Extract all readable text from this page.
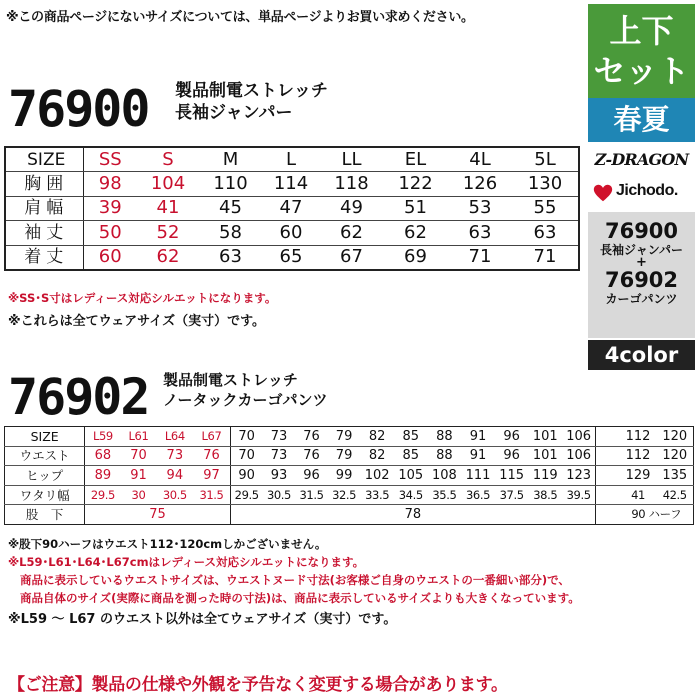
※この商品ページにないサイズについては、単品ページよりお買い求めください。
76900 製品制電ストレッチ
長袖ジャンパー
SIZE	SS	S	M	L	LL	EL	4L	5L
胸囲	98	104	110	114	118	122	126	130
肩幅	39	41	45	47	49	51	53	55
袖丈	50	52	58	60	62	62	63	63
着丈	60	62	63	65	67	69	71	71
※SS･S寸はレディース対応シルエットになります。
※これらは全てウェアサイズ（実寸）です。
76902 製品制電ストレッチ
ノータックカーゴパンツ
SIZE	L59	L61	L64	L67	70	73	76	79	82	85	88	91	96	101	106		112	120
ウエスト	68	70	73	76	70	73	76	79	82	85	88	91	96	101	106		112	120
ヒップ	89	91	94	97	90	93	96	99	102	105	108	111	115	119	123		129	135
ワタリ幅	29.5	30	30.5	31.5	29.5	30.5	31.5	32.5	33.5	34.5	35.5	36.5	37.5	38.5	39.5		41	42.5
股　下	75				78												90 ハーフ	
※股下90ハーフはウエスト112･120cmしかございません。
※L59･L61･L64･L67cmはレディース対応シルエットになります。
商品に表示しているウエストサイズは、ウエストヌード寸法(お客様ご自身のウエストの一番細い部分)で、
商品自体のサイズ(実際に商品を測った時の寸法)は、商品に表示しているサイズよりも大きくなっています。
※L59 ～ L67 のウエスト以外は全てウェアサイズ（実寸）です。
【ご注意】製品の仕様や外観を予告なく変更する場合があります。
上下
セット
春夏
Z-DRAGON
Jichodo.
76900
長袖ジャンパー
+
76902
カーゴパンツ
4color
